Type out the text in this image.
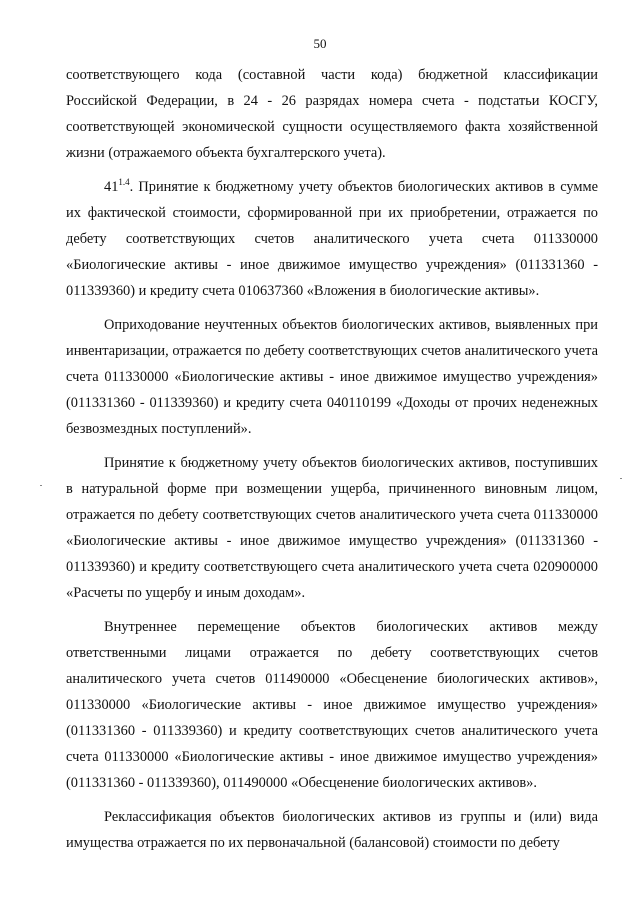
50

соответствующего кода (составной части кода) бюджетной классификации Российской Федерации, в 24 - 26 разрядах номера счета - подстатьи КОСГУ, соответствующей экономической сущности осуществляемого факта хозяйственной жизни (отражаемого объекта бухгалтерского учета).

$41^{1.4}$. Принятие к бюджетному учету объектов биологических активов в сумме их фактической стоимости, сформированной при их приобретении, отражается по дебету соответствующих счетов аналитического учета счета 011330000 «Биологические активы - иное движимое имущество учреждения» (011331360 - 011339360) и кредиту счета 010637360 «Вложения в биологические активы».

Оприходование неучтенных объектов биологических активов, выявленных при инвентаризации, отражается по дебету соответствующих счетов аналитического учета счета 011330000 «Биологические активы - иное движимое имущество учреждения» (011331360 - 011339360) и кредиту счета 040110199 «Доходы от прочих неденежных безвозмездных поступлений».

Принятие к бюджетному учету объектов биологических активов, поступивших в натуральной форме при возмещении ущерба, причиненного виновным лицом, отражается по дебету соответствующих счетов аналитического учета счета 011330000 «Биологические активы - иное движимое имущество учреждения» (011331360 - 011339360) и кредиту соответствующего счета аналитического учета счета 020900000 «Расчеты по ущербу и иным доходам».

Внутреннее перемещение объектов биологических активов между ответственными лицами отражается по дебету соответствующих счетов аналитического учета счетов 011490000 «Обесценение биологических активов», 011330000 «Биологические активы - иное движимое имущество учреждения» (011331360 - 011339360) и кредиту соответствующих счетов аналитического учета счета 011330000 «Биологические активы - иное движимое имущество учреждения» (011331360 - 011339360), 011490000 «Обесценение биологических активов».

Реклассификация объектов биологических активов из группы и (или) вида имущества отражается по их первоначальной (балансовой) стоимости по дебету
